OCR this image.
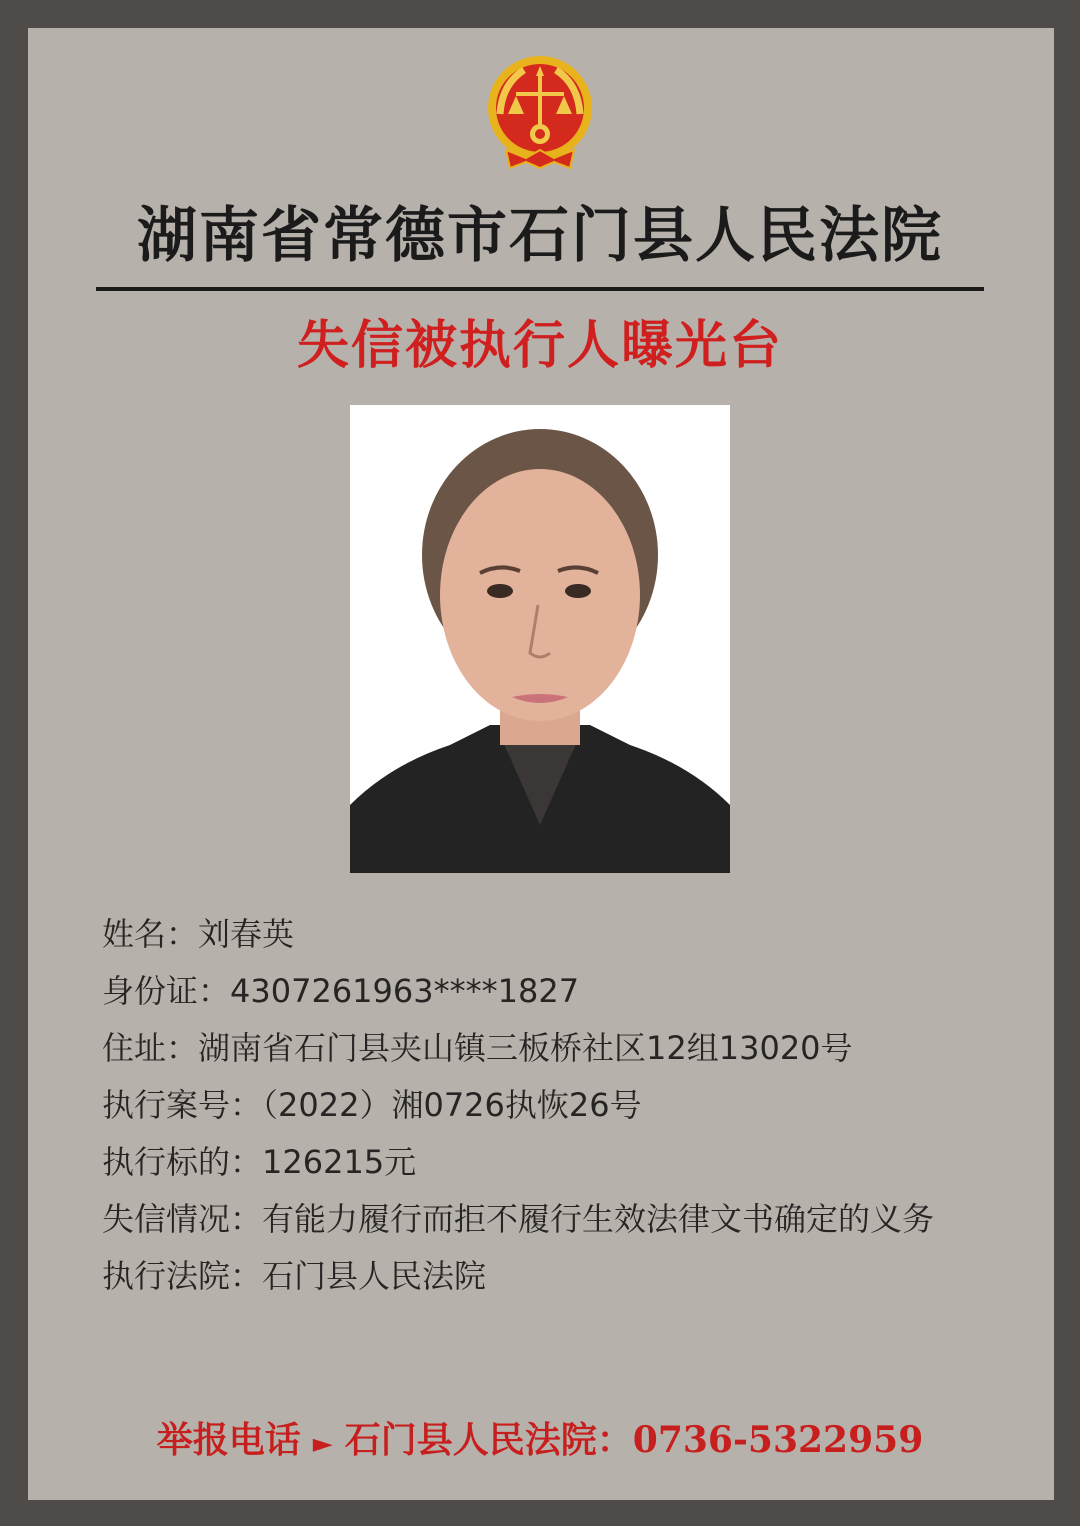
湖南省常德市石门县人民法院
失信被执行人曝光台
姓名：刘春英
身份证：4307261963****1827
住址：湖南省石门县夹山镇三板桥社区12组13020号
执行案号：（2022）湘0726执恢26号
执行标的：126215元
失信情况：有能力履行而拒不履行生效法律文书确定的义务
执行法院：石门县人民法院
举报电话 ► 石门县人民法院：0736-5322959
